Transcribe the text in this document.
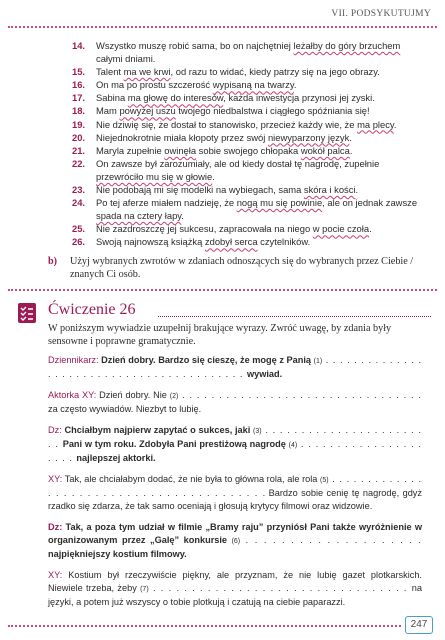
VII. PODSYKUTUJMY
14. Wszystko muszę robić sama, bo on najchętniej leżałby do góry brzuchem całymi dniami.
15. Talent ma we krwi, od razu to widać, kiedy patrzy się na jego obrazy.
16. On ma po prostu szczerość wypisaną na twarzy.
17. Sabina ma głowę do interesów, każda inwestycja przynosi jej zyski.
18. Mam powyżej uszu twojego niedbalstwa i ciągłego spóźniania się!
19. Nie dziwię się, że dostał to stanowisko, przecież każdy wie, że ma plecy.
20. Niejednokrotnie miała kłopoty przez swój niewyparzony język.
21. Maryla zupełnie owinęła sobie swojego chłopaka wokół palca.
22. On zawsze był zarozumiały, ale od kiedy dostał tę nagrodę, zupełnie przewróciło mu się w głowie.
23. Nie podobają mi się modelki na wybiegach, sama skóra i kości.
24. Po tej aferze miałem nadzieję, że nogą mu się powinie, ale on jednak zawsze spada na cztery łapy.
25. Nie zazdroszczę jej sukcesu, zapracowała na niego w pocie czoła.
26. Swoją najnowszą książką zdobył serca czytelników.
b)	Użyj wybranych zwrotów w zdaniach odnoszących się do wybranych przez Ciebie / znanych Ci osób.
Ćwiczenie 26
W poniższym wywiadzie uzupełnij brakujące wyrazy. Zwróć uwagę, by zdania były sensowne i poprawne gramatycznie.

Dziennikarz: Dzień dobry. Bardzo się cieszę, że mogę z Panią (1) . . . . . . . . . . . . . . . . . . . . . . . . . . . . . . . . . . . . . . . . . . wywiad.

Aktorka XY: Dzień dobry. Nie (2) . . . . . . . . . . . . . . . . . . . . . . . . . . . . . . . . . za często wywiadów. Niezbyt to lubię.

Dz: Chciałbym najpierw zapytać o sukces, jaki (3) . . . . . . . . . . . . . . . . . . . . . . . . Pani w tym roku. Zdobyła Pani prestiżową nagrodę (4) . . . . . . . . . . . . . . . . . . . . . najlepszej aktorki.

XY: Tak, ale chciałabym dodać, że nie była to główna rola, ale rola (5) . . . . . . . . . . . . . . . . . . . . . . . . . . . . . . . . . . . . . . . . . Bardzo sobie cenię tę nagrodę, gdyż rzadko się zdarza, że tak samo oceniają i głosują krytycy filmowi oraz widzowie.

Dz: Tak, a poza tym udział w filmie „Bramy raju” przyniósł Pani także wyróżnienie w organizowanym przez „Galę” konkursie (6) . . . . . . . . . . . . . . . . . . . . najpiękniejszy kostium filmowy.

XY: Kostium był rzeczywiście piękny, ale przyznam, że nie lubię gazet plotkarskich. Niewiele trzeba, żeby (7) . . . . . . . . . . . . . . . . . . . . . . . . . . . . . . . . . na języki, a potem już wszyscy o tobie plotkują i czatują na ciebie paparazzi.

247
